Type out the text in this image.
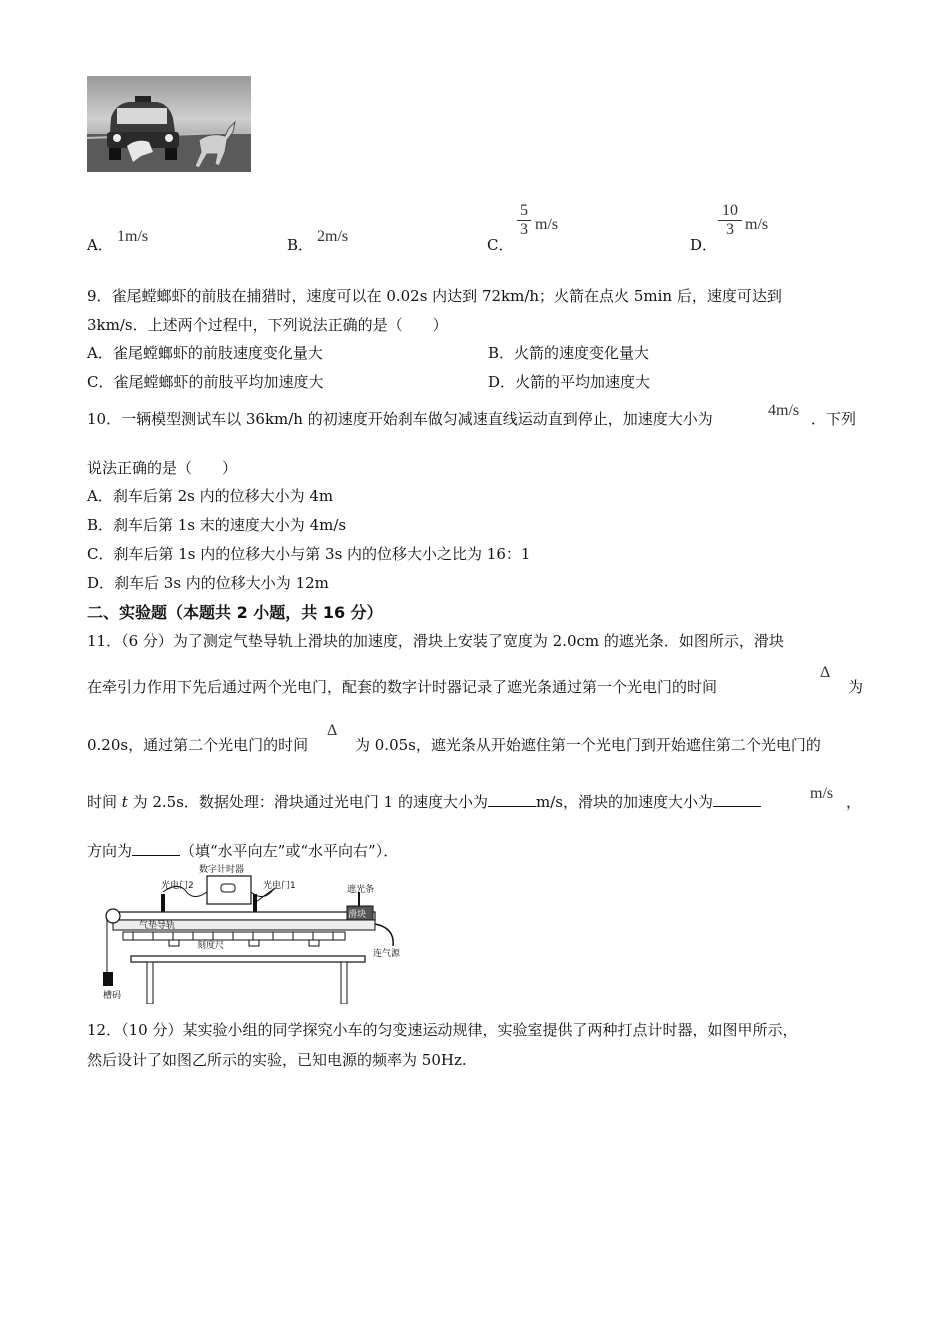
A． 1m/s	B． 2m/s	C．
$\frac{5}{3} m/s$
D．
$\frac{10}{3} m/s$
9．雀尾螳螂虾的前肢在捕猎时，速度可以在 0.02s 内达到 72km/h；火箭在点火 5min 后，速度可达到
3km/s．上述两个过程中，下列说法正确的是（　　）
A．雀尾螳螂虾的前肢速度变化量大	B．火箭的速度变化量大
C．雀尾螳螂虾的前肢平均加速度大	D．火箭的平均加速度大
10．一辆模型测试车以 36km/h 的初速度开始刹车做匀减速直线运动直到停止，加速度大小为	4m/s ．下列
说法正确的是（　　）
A．刹车后第 2s 内的位移大小为 4m
B．刹车后第 1s 末的速度大小为 4m/s
C．刹车后第 1s 内的位移大小与第 3s 内的位移大小之比为 16：1
D．刹车后 3s 内的位移大小为 12m
二、实验题（本题共 2 小题，共 16 分）
11．（6 分）为了测定气垫导轨上滑块的加速度，滑块上安装了宽度为 2.0cm 的遮光条．如图所示，滑块
在牵引力作用下先后通过两个光电门，配套的数字计时器记录了遮光条通过第一个光电门的时间
Δ
为
0.20s，通过第二个光电门的时间
Δ
为 0.05s，遮光条从开始遮住第一个光电门到开始遮住第二个光电门的
时间 t 为 2.5s．数据处理：滑块通过光电门 1 的速度大小为	m/s，滑块的加速度大小为	m/s ，
方向为	（填“水平向左”或“水平向右”）．
数字计时器
光电门2	光电门1
气垫导轨
刻度尺
滑块
遮光条
连气源
槽码
12．（10 分）某实验小组的同学探究小车的匀变速运动规律，实验室提供了两种打点计时器，如图甲所示，
然后设计了如图乙所示的实验，已知电源的频率为 50Hz.
